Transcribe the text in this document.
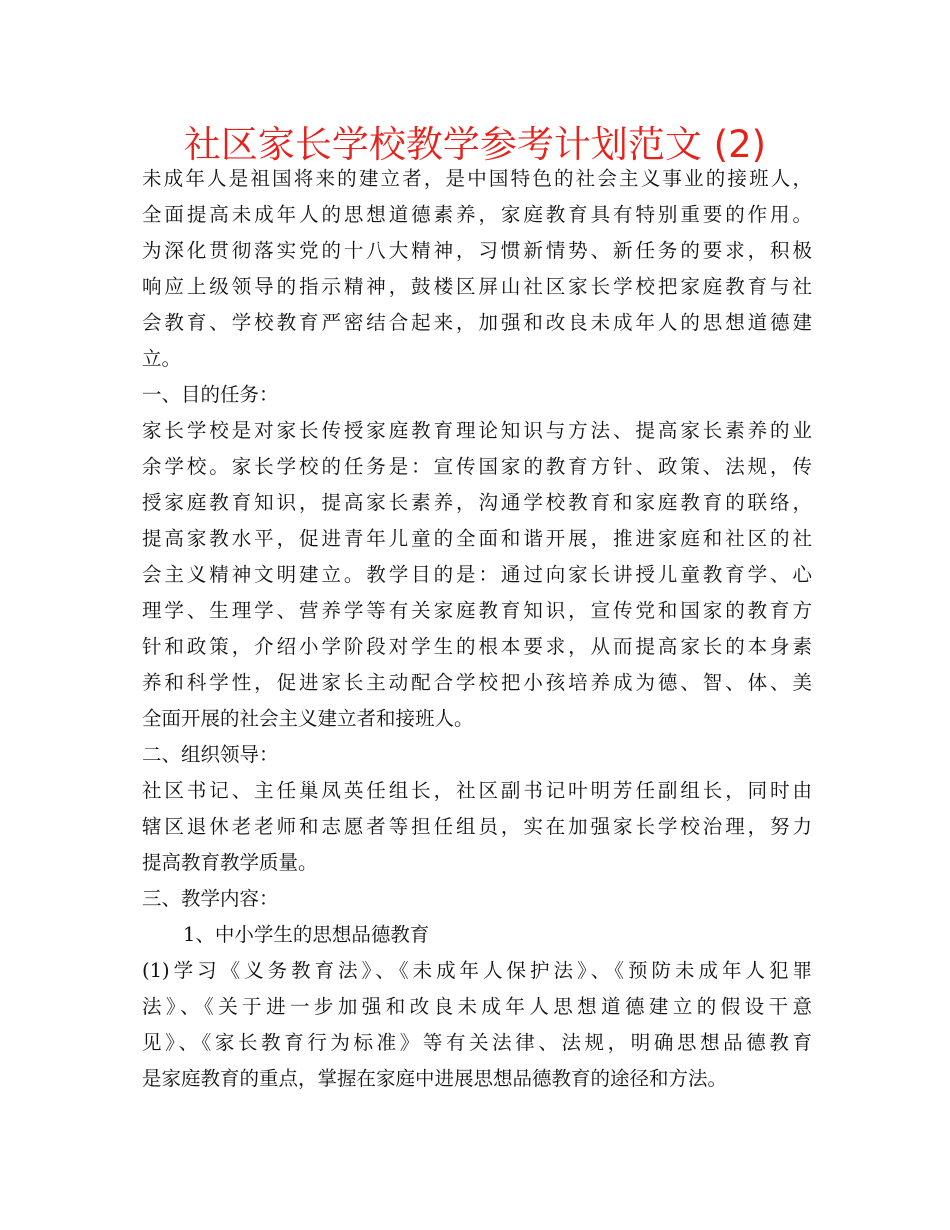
社区家长学校教学参考计划范文 (2)
未成年人是祖国将来的建立者，是中国特色的社会主义事业的接班人，
全面提高未成年人的思想道德素养，家庭教育具有特别重要的作用。
为深化贯彻落实党的十八大精神，习惯新情势、新任务的要求，积极
响应上级领导的指示精神，鼓楼区屏山社区家长学校把家庭教育与社
会教育、学校教育严密结合起来，加强和改良未成年人的思想道德建
立。
一、目的任务：
家长学校是对家长传授家庭教育理论知识与方法、提高家长素养的业
余学校。家长学校的任务是：宣传国家的教育方针、政策、法规，传
授家庭教育知识，提高家长素养，沟通学校教育和家庭教育的联络，
提高家教水平，促进青年儿童的全面和谐开展，推进家庭和社区的社
会主义精神文明建立。教学目的是：通过向家长讲授儿童教育学、心
理学、生理学、营养学等有关家庭教育知识，宣传党和国家的教育方
针和政策，介绍小学阶段对学生的根本要求，从而提高家长的本身素
养和科学性，促进家长主动配合学校把小孩培养成为德、智、体、美
全面开展的社会主义建立者和接班人。
二、组织领导：
社区书记、主任巢凤英任组长，社区副书记叶明芳任副组长，同时由
辖区退休老老师和志愿者等担任组员，实在加强家长学校治理，努力
提高教育教学质量。
三、教学内容：
1、中小学生的思想品德教育
(1)学习《义务教育法》、《未成年人保护法》、《预防未成年人犯罪
法》、《关于进一步加强和改良未成年人思想道德建立的假设干意
见》、《家长教育行为标准》等有关法律、法规，明确思想品德教育
是家庭教育的重点，掌握在家庭中进展思想品德教育的途径和方法。
